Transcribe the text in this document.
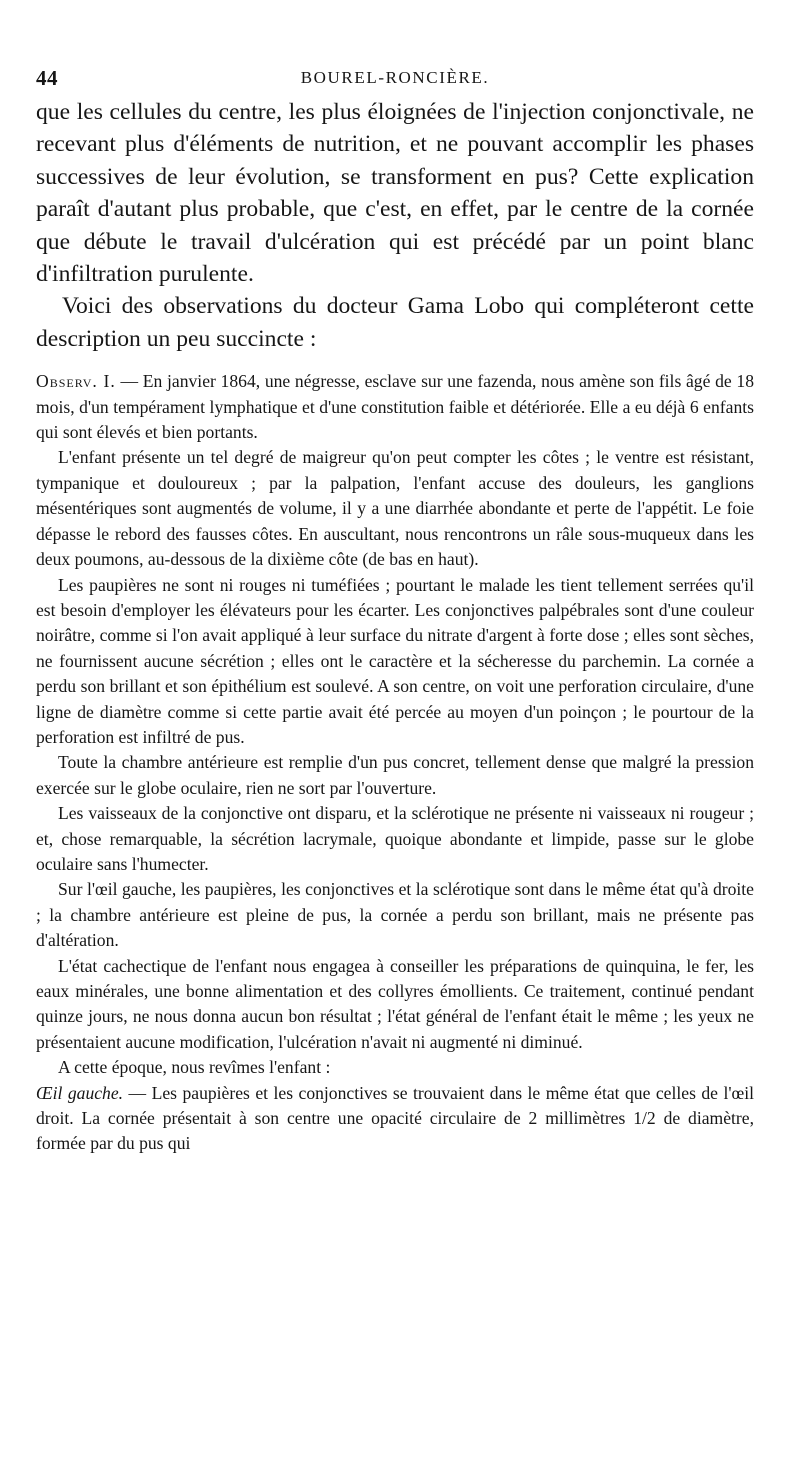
44	BOUREL-RONCIÈRE.

que les cellules du centre, les plus éloignées de l'injection conjonctivale, ne recevant plus d'éléments de nutrition, et ne pouvant accomplir les phases successives de leur évolution, se transforment en pus? Cette explication paraît d'autant plus probable, que c'est, en effet, par le centre de la cornée que débute le travail d'ulcération qui est précédé par un point blanc d'infiltration purulente.

Voici des observations du docteur Gama Lobo qui compléteront cette description un peu succincte :

Observ. I. — En janvier 1864, une négresse, esclave sur une fazenda, nous amène son fils âgé de 18 mois, d'un tempérament lymphatique et d'une constitution faible et détériorée. Elle a eu déjà 6 enfants qui sont élevés et bien portants.

L'enfant présente un tel degré de maigreur qu'on peut compter les côtes ; le ventre est résistant, tympanique et douloureux ; par la palpation, l'enfant accuse des douleurs, les ganglions mésentériques sont augmentés de volume, il y a une diarrhée abondante et perte de l'appétit. Le foie dépasse le rebord des fausses côtes. En auscultant, nous rencontrons un râle sous-muqueux dans les deux poumons, au-dessous de la dixième côte (de bas en haut).

Les paupières ne sont ni rouges ni tuméfiées ; pourtant le malade les tient tellement serrées qu'il est besoin d'employer les élévateurs pour les écarter. Les conjonctives palpébrales sont d'une couleur noirâtre, comme si l'on avait appliqué à leur surface du nitrate d'argent à forte dose ; elles sont sèches, ne fournissent aucune sécrétion ; elles ont le caractère et la sécheresse du parchemin. La cornée a perdu son brillant et son épithélium est soulevé. A son centre, on voit une perforation circulaire, d'une ligne de diamètre comme si cette partie avait été percée au moyen d'un poinçon ; le pourtour de la perforation est infiltré de pus.

Toute la chambre antérieure est remplie d'un pus concret, tellement dense que malgré la pression exercée sur le globe oculaire, rien ne sort par l'ouverture.

Les vaisseaux de la conjonctive ont disparu, et la sclérotique ne présente ni vaisseaux ni rougeur ; et, chose remarquable, la sécrétion lacrymale, quoique abondante et limpide, passe sur le globe oculaire sans l'humecter.

Sur l'œil gauche, les paupières, les conjonctives et la sclérotique sont dans le même état qu'à droite ; la chambre antérieure est pleine de pus, la cornée a perdu son brillant, mais ne présente pas d'altération.

L'état cachectique de l'enfant nous engagea à conseiller les préparations de quinquina, le fer, les eaux minérales, une bonne alimentation et des collyres émollients. Ce traitement, continué pendant quinze jours, ne nous donna aucun bon résultat ; l'état général de l'enfant était le même ; les yeux ne présentaient aucune modification, l'ulcération n'avait ni augmenté ni diminué.

A cette époque, nous revîmes l'enfant :

Œil gauche. — Les paupières et les conjonctives se trouvaient dans le même état que celles de l'œil droit. La cornée présentait à son centre une opacité circulaire de 2 millimètres 1/2 de diamètre, formée par du pus qui
